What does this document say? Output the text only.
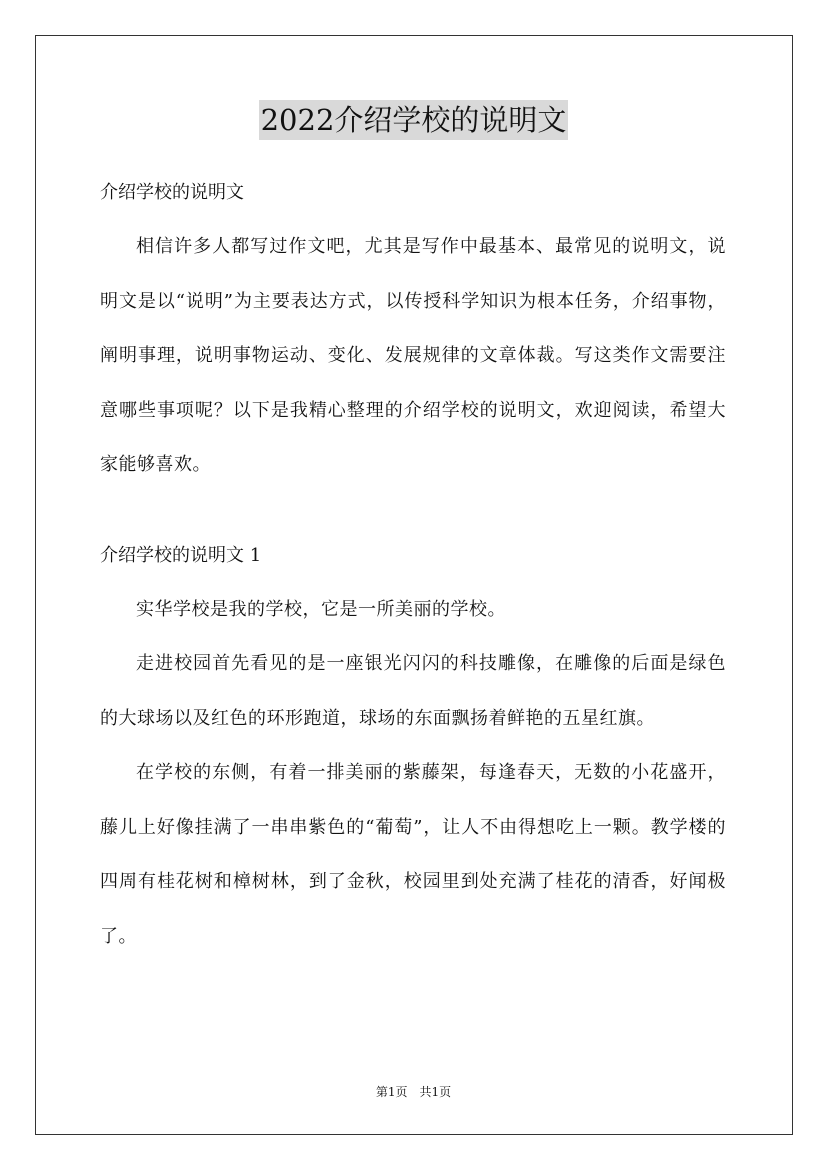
2022介绍学校的说明文

介绍学校的说明文

相信许多人都写过作文吧，尤其是写作中最基本、最常见的说明文，说明文是以“说明”为主要表达方式，以传授科学知识为根本任务，介绍事物，阐明事理，说明事物运动、变化、发展规律的文章体裁。写这类作文需要注意哪些事项呢？以下是我精心整理的介绍学校的说明文，欢迎阅读，希望大家能够喜欢。

介绍学校的说明文 1

实华学校是我的学校，它是一所美丽的学校。

走进校园首先看见的是一座银光闪闪的科技雕像，在雕像的后面是绿色的大球场以及红色的环形跑道，球场的东面飘扬着鲜艳的五星红旗。

在学校的东侧，有着一排美丽的紫藤架，每逢春天，无数的小花盛开，藤儿上好像挂满了一串串紫色的“葡萄”，让人不由得想吃上一颗。教学楼的四周有桂花树和樟树林，到了金秋，校园里到处充满了桂花的清香，好闻极了。

第1页　共1页
